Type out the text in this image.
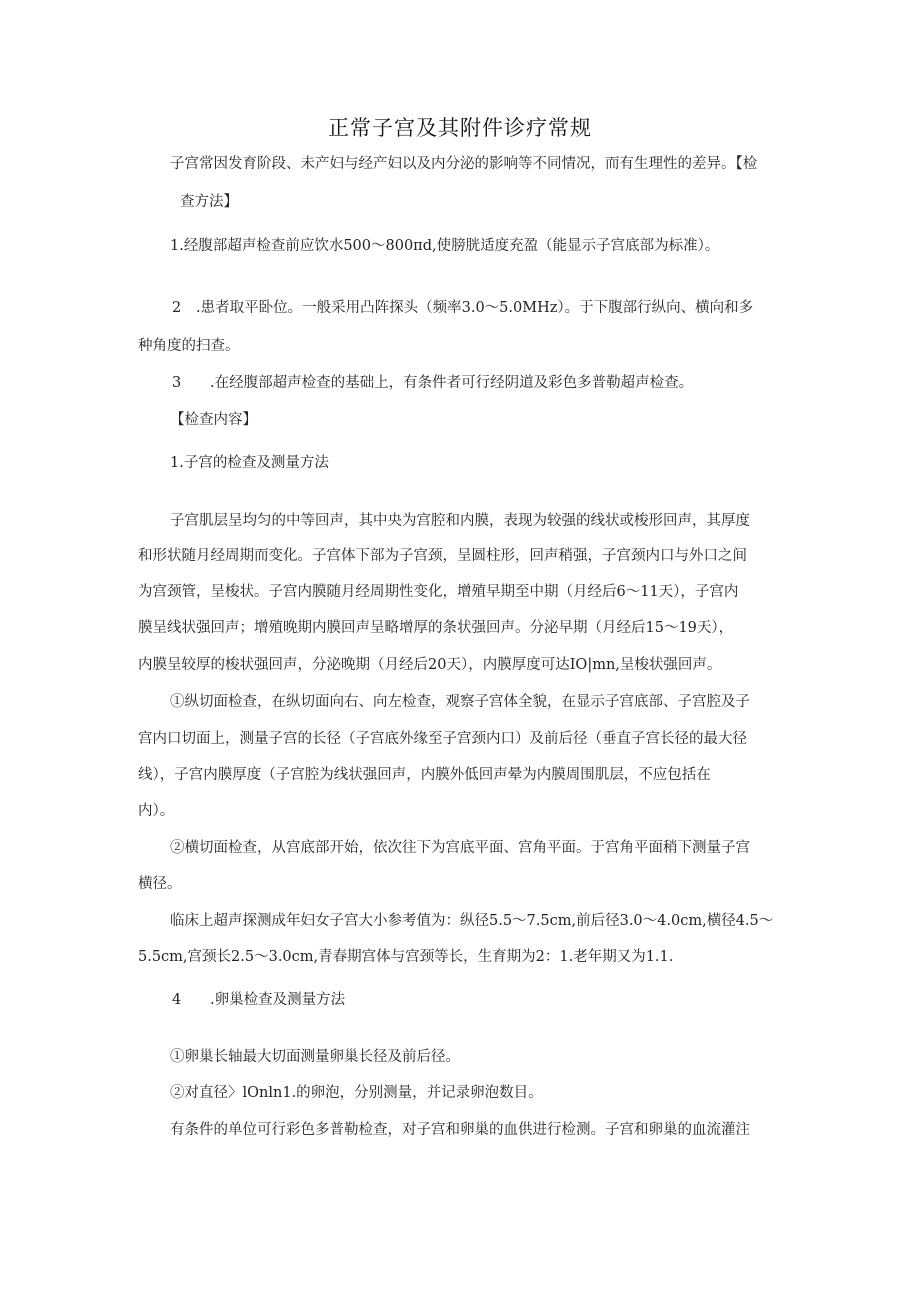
正常子宫及其附件诊疗常规
子宫常因发育阶段、未产妇与经产妇以及内分泌的影响等不同情况，而有生理性的差异。【检
查方法】
1.经腹部超声检查前应饮水500～800πd,使膀胱适度充盈（能显示子宫底部为标准）。
2 .患者取平卧位。一般采用凸阵探头（频率3.0～5.0MHz）。于下腹部行纵向、横向和多
种角度的扫查。
3 .在经腹部超声检查的基础上，有条件者可行经阴道及彩色多普勒超声检查。
【检查内容】
1.子宫的检查及测量方法
子宫肌层呈均匀的中等回声，其中央为宫腔和内膜，表现为较强的线状或梭形回声，其厚度
和形状随月经周期而变化。子宫体下部为子宫颈，呈圆柱形，回声稍强，子宫颈内口与外口之间
为宫颈管，呈梭状。子宫内膜随月经周期性变化，增殖早期至中期（月经后6～11天），子宫内
膜呈线状强回声；增殖晚期内膜回声呈略增厚的条状强回声。分泌早期（月经后15～19天），
内膜呈较厚的梭状强回声，分泌晚期（月经后20天），内膜厚度可达IO|mn,呈梭状强回声。
①纵切面检查，在纵切面向右、向左检查，观察子宫体全貌，在显示子宫底部、子宫腔及子
宫内口切面上，测量子宫的长径（子宫底外缘至子宫颈内口）及前后径（垂直子宫长径的最大径
线），子宫内膜厚度（子宫腔为线状强回声，内膜外低回声晕为内膜周围肌层，不应包括在
内）。
②横切面检查，从宫底部开始，依次往下为宫底平面、宫角平面。于宫角平面稍下测量子宫
横径。
临床上超声探测成年妇女子宫大小参考值为：纵径5.5～7.5cm,前后径3.0～4.0cm,横径4.5～
5.5cm,宫颈长2.5～3.0cm,青春期宫体与宫颈等长，生育期为2：1.老年期又为1.1.
4 .卵巢检查及测量方法
①卵巢长轴最大切面测量卵巢长径及前后径。
②对直径〉lOnln1.的卵泡，分别测量，并记录卵泡数目。
有条件的单位可行彩色多普勒检查，对子宫和卵巢的血供进行检测。子宫和卵巢的血流灌注
